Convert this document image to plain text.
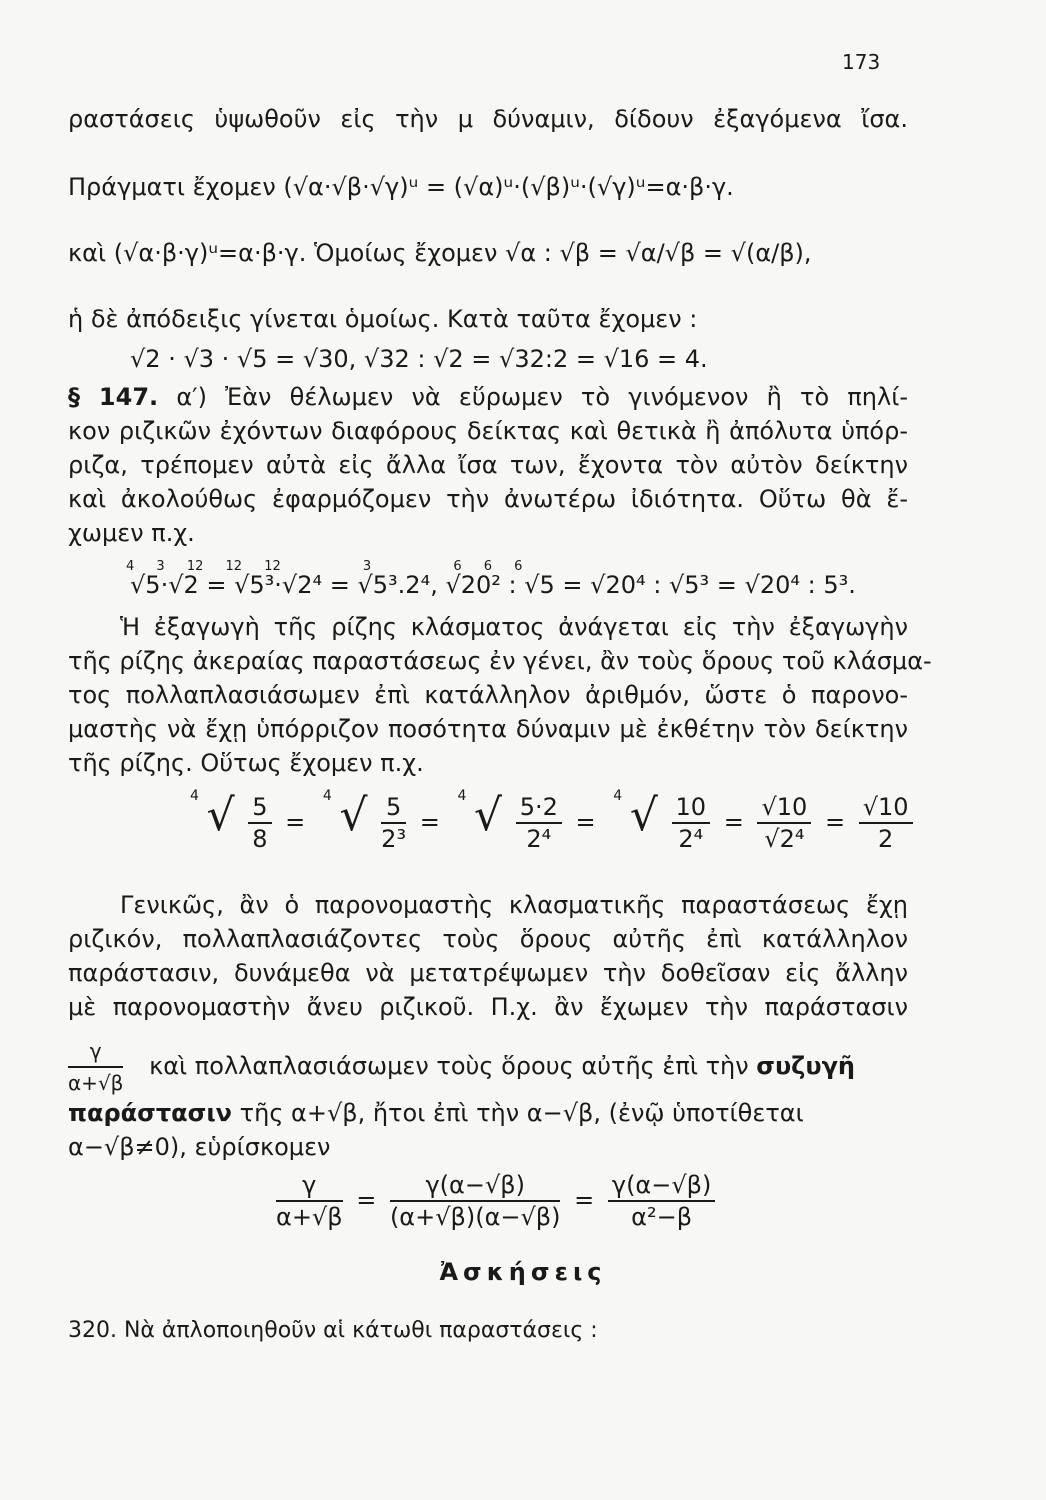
173
ραστάσεις ὑψωθοῦν εἰς τὴν μ δύναμιν, δίδουν ἐξαγόμενα ἴσα.
Πράγματι ἔχομεν (√α·√β·√γ)ᵘ = (√α)ᵘ·(√β)ᵘ·(√γ)ᵘ=α·β·γ.
καὶ (√α·β·γ)ᵘ=α·β·γ. Ὁμοίως ἔχομεν √α : √β = √α/√β = √(α/β),
ἡ δὲ ἀπόδειξις γίνεται ὁμοίως. Κατὰ ταῦτα ἔχομεν :
√2 · √3 · √5 = √30, √32 : √2 = √32:2 = √16 = 4.
§ 147. α′) Ἐὰν θέλωμεν νὰ εὕρωμεν τὸ γινόμενον ἢ τὸ πηλί-
κον ριζικῶν ἐχόντων διαφόρους δείκτας καὶ θετικὰ ἢ ἀπόλυτα ὑπόρ-
ριζα, τρέπομεν αὐτὰ εἰς ἄλλα ἴσα των, ἔχοντα τὸν αὐτὸν δείκτην
καὶ ἀκολούθως ἐφαρμόζομεν τὴν ἀνωτέρω ἰδιότητα. Οὕτω θὰ ἔ-
χωμεν π.χ.
4 3 12 12 12	3	6 6 6
√5·√2 = √5³·√2⁴ = √5³.2⁴, √20² : √5 = √20⁴ : √5³ = √20⁴ : 5³.
Ἡ ἐξαγωγὴ τῆς ρίζης κλάσματος ἀνάγεται εἰς τὴν ἐξαγωγὴν
τῆς ρίζης ἀκεραίας παραστάσεως ἐν γένει, ἂν τοὺς ὅρους τοῦ κλάσμα-
τος πολλαπλασιάσωμεν ἐπὶ κατάλληλον ἀριθμόν, ὥστε ὁ παρονο-
μαστὴς νὰ ἔχῃ ὑπόρριζον ποσότητα δύναμιν μὲ ἐκθέτην τὸν δείκτην
τῆς ρίζης. Οὕτως ἔχομεν π.χ.
$^4$ √ $\frac{5}{8} = ^4$ √ $\frac{5}{\text{2³}} = ^4$ √ $\frac{5\cdot 2}{\text{2⁴}} = ^4$ √ $\frac{10}{\text{2⁴}} = \frac{√10}{\text{√2⁴}} = \frac{√10}{2}$
Γενικῶς, ἂν ὁ παρονομαστὴς κλασματικῆς παραστάσεως ἔχῃ
ριζικόν, πολλαπλασιάζοντες τοὺς ὅρους αὐτῆς ἐπὶ κατάλληλον
παράστασιν, δυνάμεθα νὰ μετατρέψωμεν τὴν δοθεῖσαν εἰς ἄλλην
μὲ παρονομαστὴν ἄνευ ριζικοῦ. Π.χ. ἂν ἔχωμεν τὴν παράστασιν
$\frac{\gamma}{\alpha+√\beta}$ καὶ πολλαπλασιάσωμεν τοὺς ὅρους αὐτῆς ἐπὶ τὴν συζυγῆ
παράστασιν τῆς α+√β, ἤτοι ἐπὶ τὴν α−√β, (ἐνῷ ὑποτίθεται
α−√β≠0), εὑρίσκομεν
$\frac{\gamma}{\alpha+√\beta} = \frac{\gamma(\alpha-√\beta)}{(\alpha+√\beta)(\alpha-√\beta)} = \frac{\gamma(\alpha-√\beta)}{\text{α²−β}}$
Ἀσκήσεις
320. Νὰ ἀπλοποιηθοῦν αἱ κάτωθι παραστάσεις :
